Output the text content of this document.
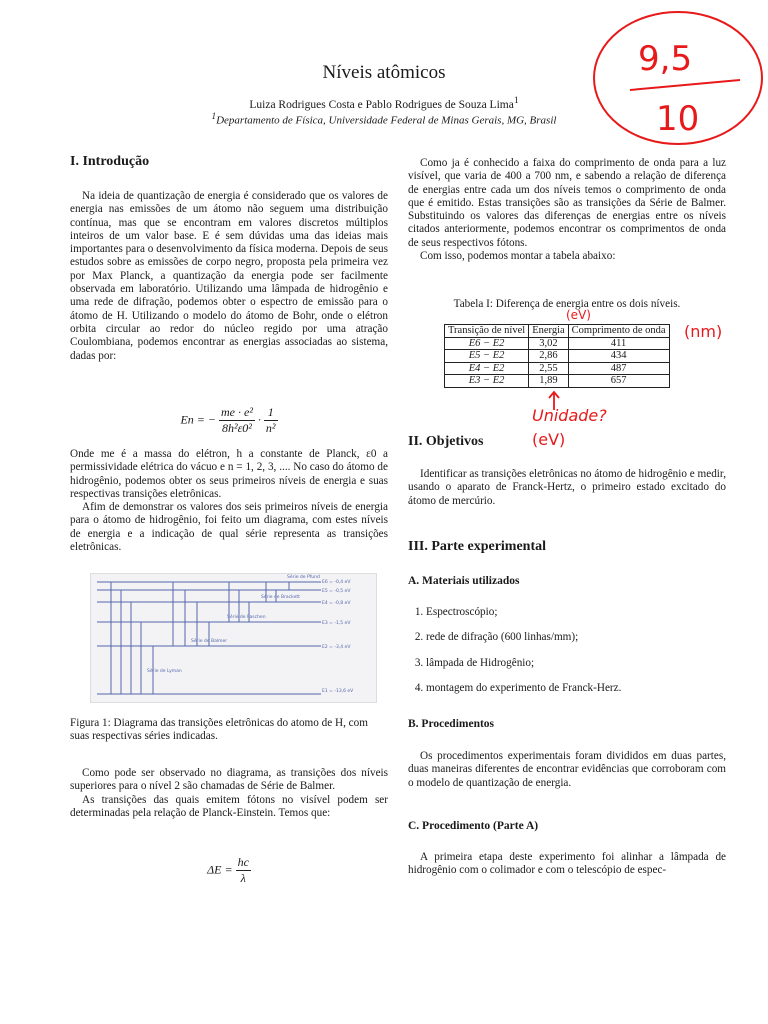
Níveis atômicos
Luiza Rodrigues Costa e Pablo Rodrigues de Souza Lima$^1$
$^1$Departamento de Física, Universidade Federal de Minas Gerais, MG, Brasil
9,5
10
I. Introdução

Na ideia de quantização de energia é considerado que os valores de energia nas emissões de um átomo não seguem uma distribuição contínua, mas que se encontram em valores discretos múltiplos inteiros de um valor base. E é sem dúvidas uma das ideias mais importantes para o desenvolvimento da física moderna. Depois de seus estudos sobre as emissões de corpo negro, proposta pela primeira vez por Max Planck, a quantização da energia pode ser facilmente observada em laboratório. Utilizando uma lâmpada de hidrogênio e uma rede de difração, podemos obter o espectro de emissão para o átomo de H. Utilizando o modelo do átomo de Bohr, onde o elétron orbita circular ao redor do núcleo regido por uma atração Coulombiana, podemos encontrar as energias associadas ao sistema, dadas por:

En = − $\frac{\text{me · e²}}{\text{8h²ε0²}} \cdot \frac{1}{\text{n²}}$

Onde me é a massa do elétron, h a constante de Planck, ε0 a permissividade elétrica do vácuo e n = 1, 2, 3, .... No caso do átomo de hidrogênio, podemos obter os seus primeiros níveis de energia e suas respectivas transições eletrônicas.

Afim de demonstrar os valores dos seis primeiros níveis de energia para o átomo de hidrogênio, foi feito um diagrama, com estes níveis de energia e a indicação de qual série representa as transições eletrônicas.

E6 = -0,4 eV
E5 = -0,5 eV
E4 = -0,8 eV
E3 = -1,5 eV
E2 = -3,4 eV
E1 = -13,6 eV
Série de Pfund
Série de Brackett
Série de Paschen
Série de Balmer
Série de Lyman
Figura 1: Diagrama das transições eletrônicas do atomo de H, com suas respectivas séries indicadas.

Como pode ser observado no diagrama, as transições dos níveis superiores para o nível 2 são chamadas de Série de Balmer.

As transições das quais emitem fótons no visível podem ser determinadas pela relação de Planck-Einstein. Temos que:

$\Delta E = \frac{hc}{\lambda}$

Como ja é conhecido a faixa do comprimento de onda para a luz visível, que varia de 400 a 700 nm, e sabendo a relação de diferença de energias entre cada um dos níveis temos o comprimento de onda que é emitido. Estas transições são as transições da Série de Balmer. Substituindo os valores das diferenças de energias entre os níveis citados anteriormente, podemos encontrar os comprimentos de onda de seus respectivos fótons.

Com isso, podemos montar a tabela abaixo:

Tabela I: Diferença de energia entre os dois níveis.
Transição de nível	Energia	Comprimento de onda
E6 − E2	3,02	411
E5 − E2	2,86	434
E4 − E2	2,55	487
E3 − E2	1,89	657
(eV)
(nm)
Unidade?
(eV)
II. Objetivos

Identificar as transições eletrônicas no átomo de hidrogênio e medir, usando o aparato de Franck-Hertz, o primeiro estado excitado do átomo de mercúrio.

III. Parte experimental
A. Materiais utilizados
1. Espectroscópio;
2. rede de difração (600 linhas/mm);
3. lâmpada de Hidrogênio;
4. montagem do experimento de Franck-Herz.
B. Procedimentos

Os procedimentos experimentais foram divididos em duas partes, duas maneiras diferentes de encontrar evidências que corroboram com o modelo de quantização de energia.

C. Procedimento (Parte A)

A primeira etapa deste experimento foi alinhar a lâmpada de hidrogênio com o colimador e com o telescópio de espec-
